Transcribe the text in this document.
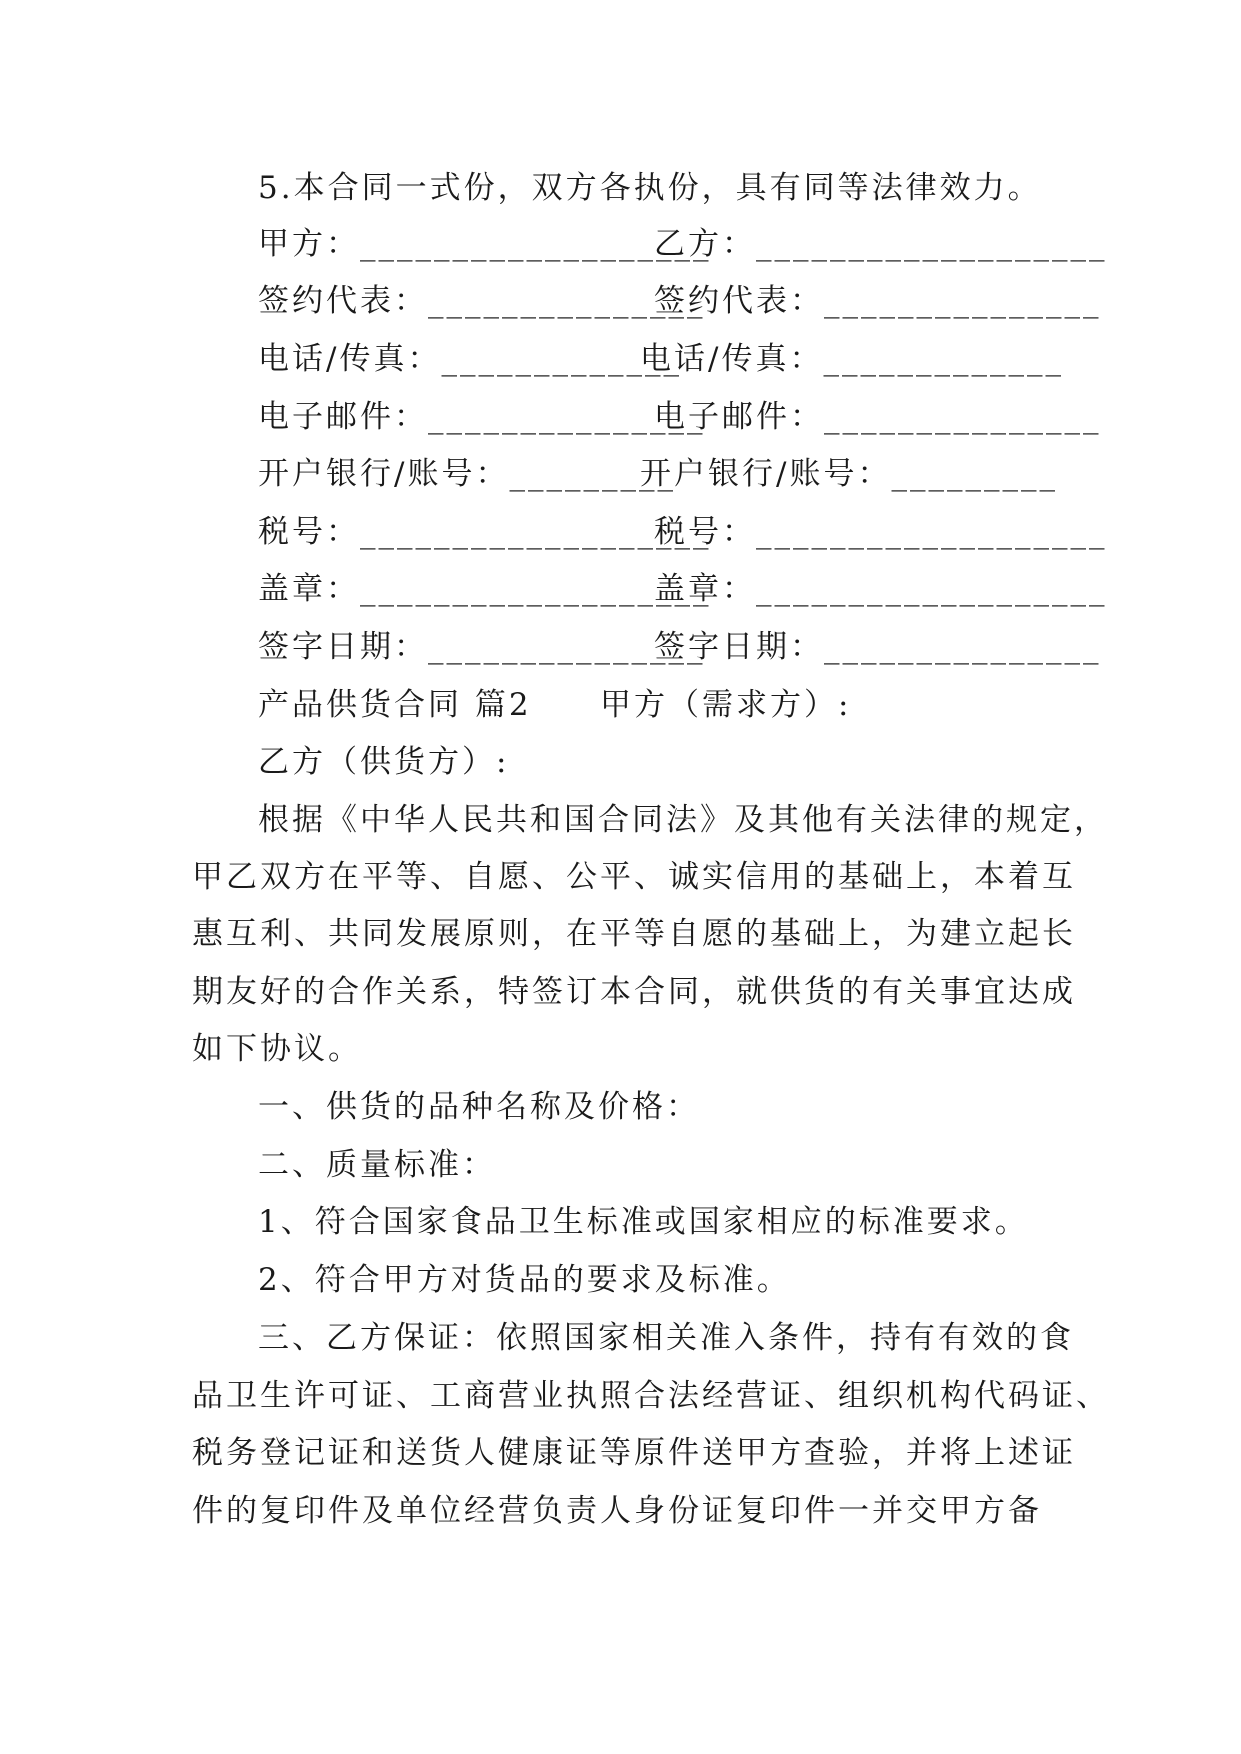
5.本合同一式份，双方各执份，具有同等法律效力。
甲方：___________________
乙方：___________________
签约代表：_______________
签约代表：_______________
电话/传真：_____________
电话/传真：_____________
电子邮件：_______________
电子邮件：_______________
开户银行/账号：_________
开户银行/账号：_________
税号：___________________
税号：___________________
盖章：___________________
盖章：___________________
签字日期：_______________
签字日期：_______________
产品供货合同 篇2 甲方（需求方）:
乙方（供货方）:
根据《中华人民共和国合同法》及其他有关法律的规定，
甲乙双方在平等、自愿、公平、诚实信用的基础上，本着互
惠互利、共同发展原则，在平等自愿的基础上，为建立起长
期友好的合作关系，特签订本合同，就供货的有关事宜达成
如下协议。
一、供货的品种名称及价格：
二、质量标准：
1、符合国家食品卫生标准或国家相应的标准要求。
2、符合甲方对货品的要求及标准。
三、乙方保证：依照国家相关准入条件，持有有效的食
品卫生许可证、工商营业执照合法经营证、组织机构代码证、
税务登记证和送货人健康证等原件送甲方查验，并将上述证
件的复印件及单位经营负责人身份证复印件一并交甲方备
